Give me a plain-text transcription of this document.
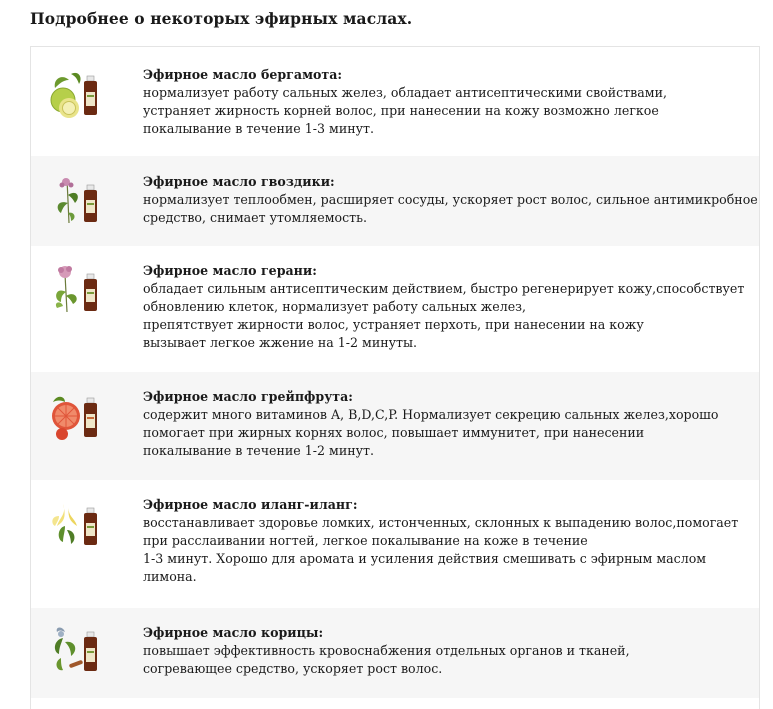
Подробнее о некоторых эфирных маслах.
Эфирное масло бергамота:
нормализует работу сальных желез, обладает антисептическими свойствами,
устраняет жирность корней волос, при нанесении на кожу возможно легкое
покалывание в течение 1-3 минут.
Эфирное масло гвоздики:
нормализует теплообмен, расширяет сосуды, ускоряет рост волос, сильное антимикробное
средство, снимает утомляемость.
Эфирное масло герани:
обладает сильным антисептическим действием, быстро регенерирует кожу,способствует
обновлению клеток, нормализует работу сальных желез,
препятствует жирности волос, устраняет перхоть, при нанесении на кожу
вызывает легкое жжение на 1-2 минуты.
Эфирное масло грейпфрута:
содержит много витаминов A, B,D,C,P. Нормализует секрецию сальных желез,хорошо
помогает при жирных корнях волос, повышает иммунитет, при нанесении
покалывание в течение 1-2 минут.
Эфирное масло иланг-иланг:
восстанавливает здоровье ломких, истонченных, склонных к выпадению волос,помогает
при расслаивании ногтей, легкое покалывание на коже в течение
1-3 минут. Хорошо для аромата и усиления действия смешивать с эфирным маслом
лимона.
Эфирное масло корицы:
повышает эффективность кровоснабжения отдельных органов и тканей,
согревающее средство, ускоряет рост волос.
